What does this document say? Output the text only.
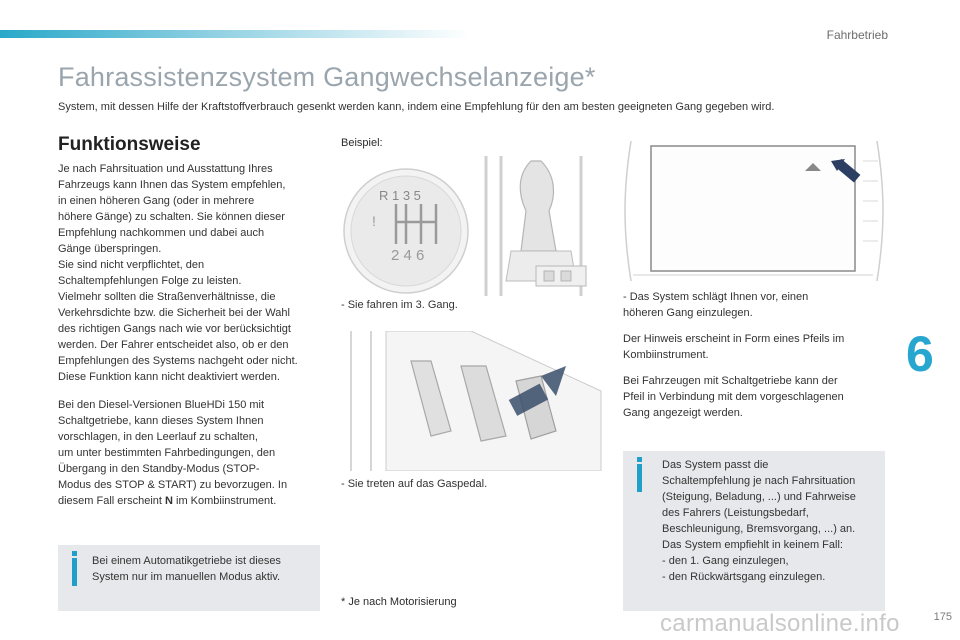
Fahrbetrieb
Fahrassistenzsystem Gangwechselanzeige*

System, mit dessen Hilfe der Kraftstoffverbrauch gesenkt werden kann, indem eine Empfehlung für den am besten geeigneten Gang gegeben wird.

Funktionsweise

Je nach Fahrsituation und Ausstattung Ihres
Fahrzeugs kann Ihnen das System empfehlen,
in einen höheren Gang (oder in mehrere
höhere Gänge) zu schalten. Sie können dieser
Empfehlung nachkommen und dabei auch
Gänge überspringen.
Sie sind nicht verpflichtet, den
Schaltempfehlungen Folge zu leisten.
Vielmehr sollten die Straßenverhältnisse, die
Verkehrsdichte bzw. die Sicherheit bei der Wahl
des richtigen Gangs nach wie vor berücksichtigt
werden. Der Fahrer entscheidet also, ob er den
Empfehlungen des Systems nachgeht oder nicht.
Diese Funktion kann nicht deaktiviert werden.

Bei den Diesel-Versionen BlueHDi 150 mit
Schaltgetriebe, kann dieses System Ihnen
vorschlagen, in den Leerlauf zu schalten,
um unter bestimmten Fahrbedingungen, den
Übergang in den Standby-Modus (STOP-
Modus des STOP & START) zu bevorzugen. In
diesem Fall erscheint N im Kombiinstrument.

Bei einem Automatikgetriebe ist dieses
System nur im manuellen Modus aktiv.

Beispiel:
R 1 3 5
2 4 6
!
- Sie fahren im 3. Gang.
- Sie treten auf das Gaspedal.
- Das System schlägt Ihnen vor, einen
höheren Gang einzulegen.

Der Hinweis erscheint in Form eines Pfeils im
Kombiinstrument.

Bei Fahrzeugen mit Schaltgetriebe kann der
Pfeil in Verbindung mit dem vorgeschlagenen
Gang angezeigt werden.

Das System passt die
Schaltempfehlung je nach Fahrsituation
(Steigung, Beladung, ...) und Fahrweise
des Fahrers (Leistungsbedarf,
Beschleunigung, Bremsvorgang, ...) an.
Das System empfiehlt in keinem Fall:
- den 1. Gang einzulegen,
- den Rückwärtsgang einzulegen.

6
* Je nach Motorisierung
carmanualsonline.info	175
